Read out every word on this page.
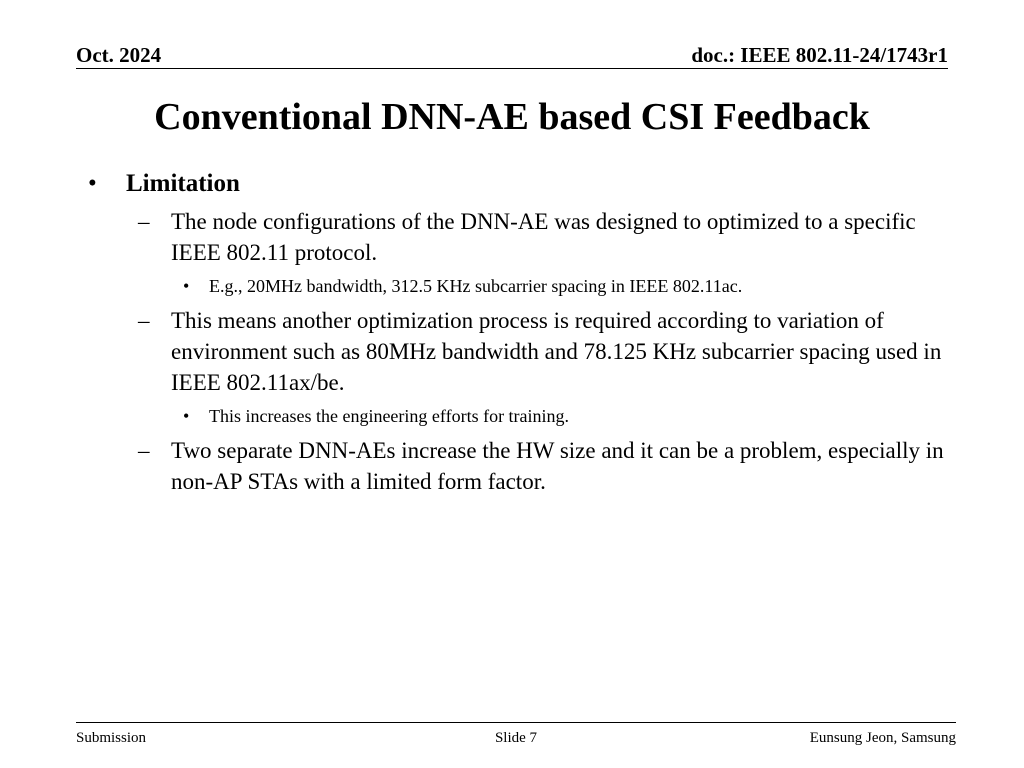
Oct. 2024	doc.: IEEE 802.11-24/1743r1
Conventional DNN-AE based CSI Feedback
• Limitation
– The node configurations of the DNN-AE was designed to optimized to a specific IEEE 802.11 protocol.
• E.g., 20MHz bandwidth, 312.5 KHz subcarrier spacing in IEEE 802.11ac.
– This means another optimization process is required according to variation of environment such as 80MHz bandwidth and 78.125 KHz subcarrier spacing used in IEEE 802.11ax/be.
• This increases the engineering efforts for training.
– Two separate DNN-AEs increase the HW size and it can be a problem, especially in non-AP STAs with a limited form factor.
Submission	Slide 7	Eunsung Jeon, Samsung
